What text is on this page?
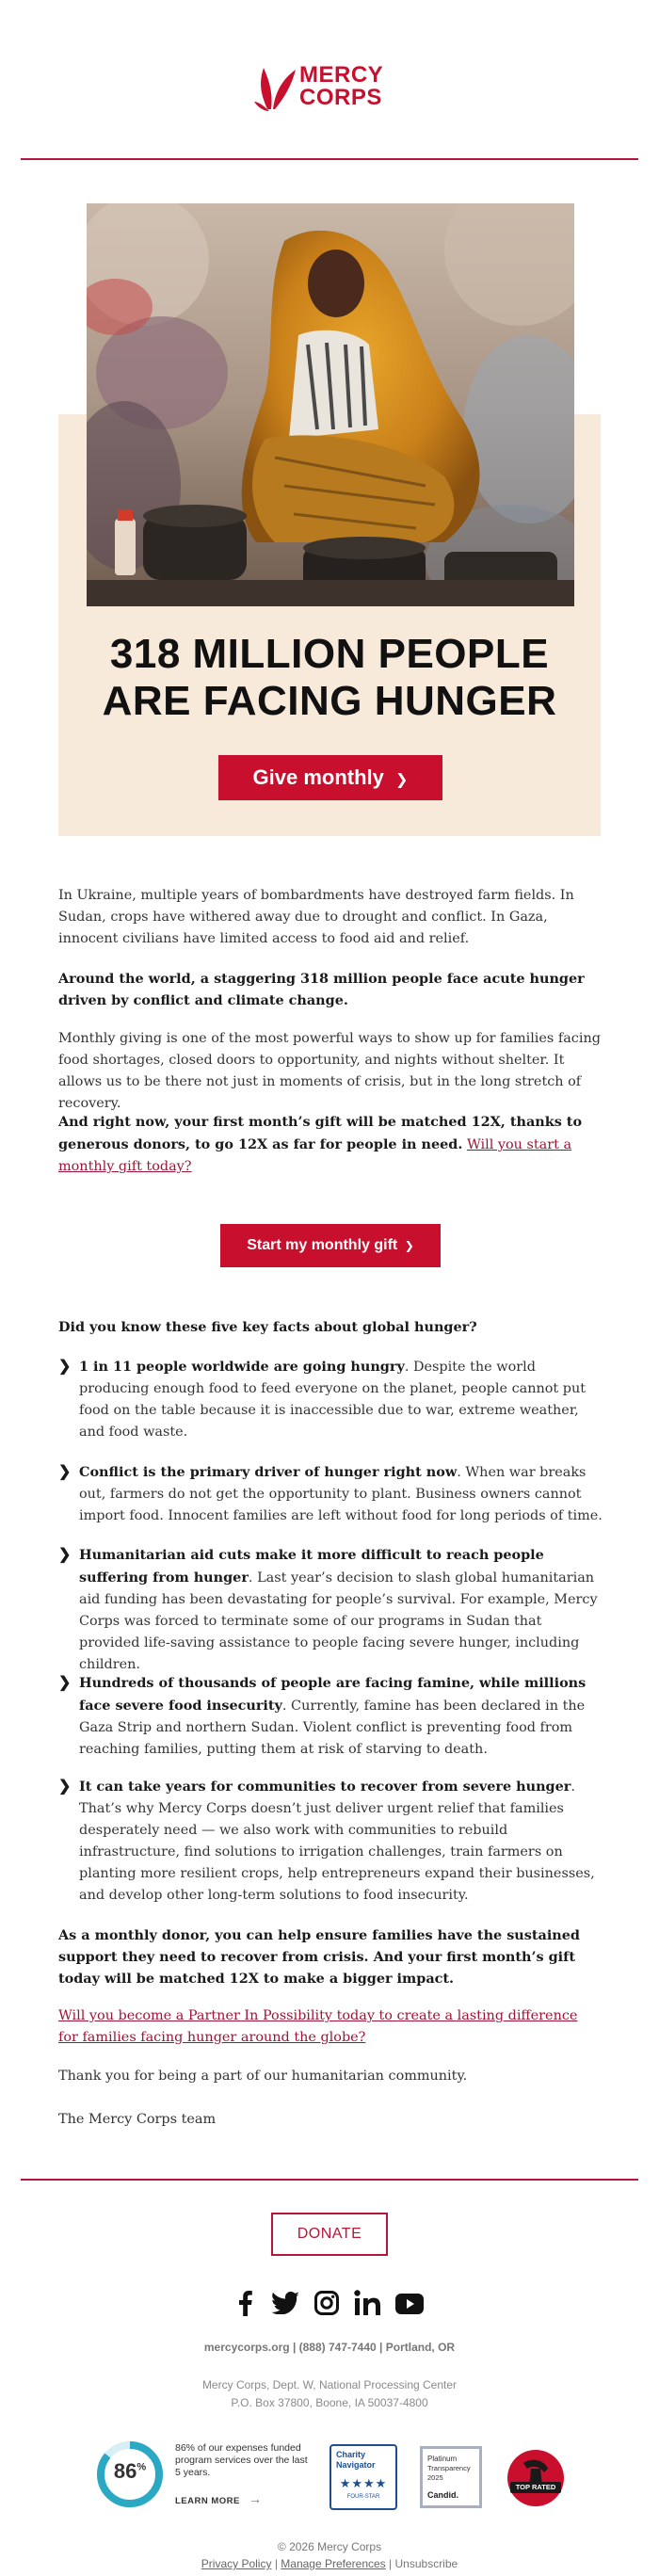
MERCY
CORPS
318 MILLION PEOPLE
ARE FACING HUNGER
Give monthly ❯
In Ukraine, multiple years of bombardments have destroyed farm fields. In Sudan, crops have withered away due to drought and conflict. In Gaza, innocent civilians have limited access to food aid and relief.
Around the world, a staggering 318 million people face acute hunger driven by conflict and climate change.
Monthly giving is one of the most powerful ways to show up for families facing food shortages, closed doors to opportunity, and nights without shelter. It allows us to be there not just in moments of crisis, but in the long stretch of recovery.
And right now, your first month’s gift will be matched 12X, thanks to generous donors, to go 12X as far for people in need. Will you start a monthly gift today?
Start my monthly gift ❯
Did you know these five key facts about global hunger?
❯ 1 in 11 people worldwide are going hungry. Despite the world producing enough food to feed everyone on the planet, people cannot put food on the table because it is inaccessible due to war, extreme weather, and food waste.
❯ Conflict is the primary driver of hunger right now. When war breaks out, farmers do not get the opportunity to plant. Business owners cannot import food. Innocent families are left without food for long periods of time.
❯ Humanitarian aid cuts make it more difficult to reach people suffering from hunger. Last year’s decision to slash global humanitarian aid funding has been devastating for people’s survival. For example, Mercy Corps was forced to terminate some of our programs in Sudan that provided life-saving assistance to people facing severe hunger, including children.
❯ Hundreds of thousands of people are facing famine, while millions face severe food insecurity. Currently, famine has been declared in the Gaza Strip and northern Sudan. Violent conflict is preventing food from reaching families, putting them at risk of starving to death.
❯ It can take years for communities to recover from severe hunger. That’s why Mercy Corps doesn’t just deliver urgent relief that families desperately need — we also work with communities to rebuild infrastructure, find solutions to irrigation challenges, train farmers on planting more resilient crops, help entrepreneurs expand their businesses, and develop other long-term solutions to food insecurity.
As a monthly donor, you can help ensure families have the sustained support they need to recover from crisis. And your first month’s gift today will be matched 12X to make a bigger impact.
Will you become a Partner In Possibility today to create a lasting difference for families facing hunger around the globe?
Thank you for being a part of our humanitarian community.
The Mercy Corps team
DONATE
mercycorps.org | (888) 747-7440 | Portland, OR
Mercy Corps, Dept. W, National Processing Center
P.O. Box 37800, Boone, IA 50037-4800
86%
86% of our expenses funded program services over the last 5 years.
LEARN MORE →
Charity
Navigator
★★★★
FOUR-STAR
Platinum
Transparency
2025
Candid.
TOP RATED
© 2026 Mercy Corps
Privacy Policy | Manage Preferences | Unsubscribe
